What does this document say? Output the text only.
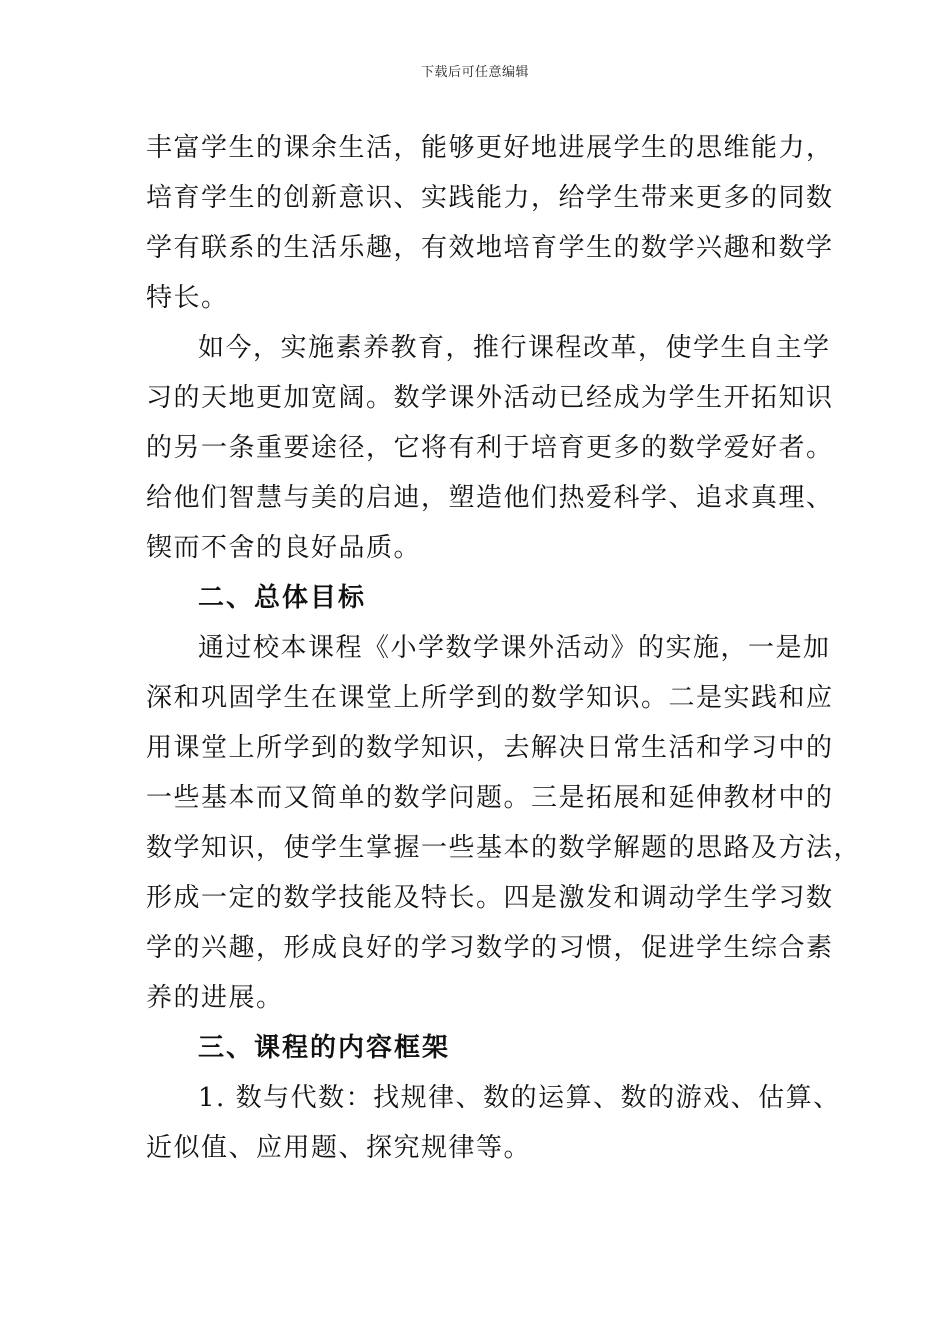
下载后可任意编辑
丰富学生的课余生活，能够更好地进展学生的思维能力，
培育学生的创新意识、实践能力，给学生带来更多的同数
学有联系的生活乐趣，有效地培育学生的数学兴趣和数学
特长。
如今，实施素养教育，推行课程改革，使学生自主学
习的天地更加宽阔。数学课外活动已经成为学生开拓知识
的另一条重要途径，它将有利于培育更多的数学爱好者。
给他们智慧与美的启迪，塑造他们热爱科学、追求真理、
锲而不舍的良好品质。
二、总体目标
通过校本课程《小学数学课外活动》的实施，一是加
深和巩固学生在课堂上所学到的数学知识。二是实践和应
用课堂上所学到的数学知识，去解决日常生活和学习中的
一些基本而又简单的数学问题。三是拓展和延伸教材中的
数学知识，使学生掌握一些基本的数学解题的思路及方法，
形成一定的数学技能及特长。四是激发和调动学生学习数
学的兴趣，形成良好的学习数学的习惯，促进学生综合素
养的进展。
三、课程的内容框架
1. 数与代数：找规律、数的运算、数的游戏、估算、
近似值、应用题、探究规律等。
